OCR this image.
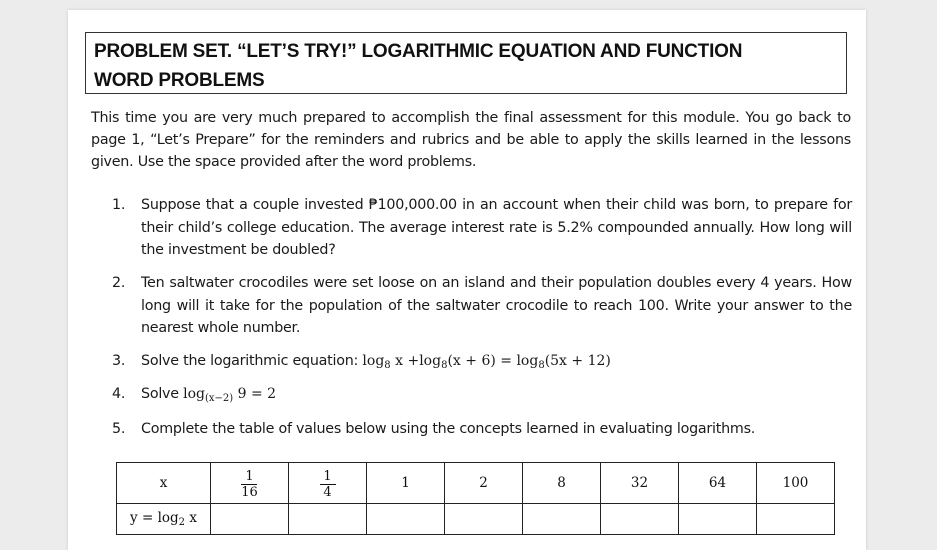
PROBLEM SET. “LET’S TRY!” LOGARITHMIC EQUATION AND FUNCTION
WORD PROBLEMS
This time you are very much prepared to accomplish the final assessment for this module. You go back to page 1, “Let’s Prepare” for the reminders and rubrics and be able to apply the skills learned in the lessons given. Use the space provided after the word problems.
1. Suppose that a couple invested ₱100,000.00 in an account when their child was born, to prepare for their child’s college education. The average interest rate is 5.2% compounded annually. How long will the investment be doubled?
2. Ten saltwater crocodiles were set loose on an island and their population doubles every 4 years. How long will it take for the population of the saltwater crocodile to reach 100. Write your answer to the nearest whole number.
3. Solve the logarithmic equation: $\log_8 x +\log_8(x + 6) = \log_8(5x + 12)$
4. Solve $\log_{(x-2)} 9 = 2$
5. Complete the table of values below using the concepts learned in evaluating logarithms.
x	$\frac{1}{16}$	$\frac{1}{4}$	1	2	8	32	64	100
$y = \log_2 x$								
